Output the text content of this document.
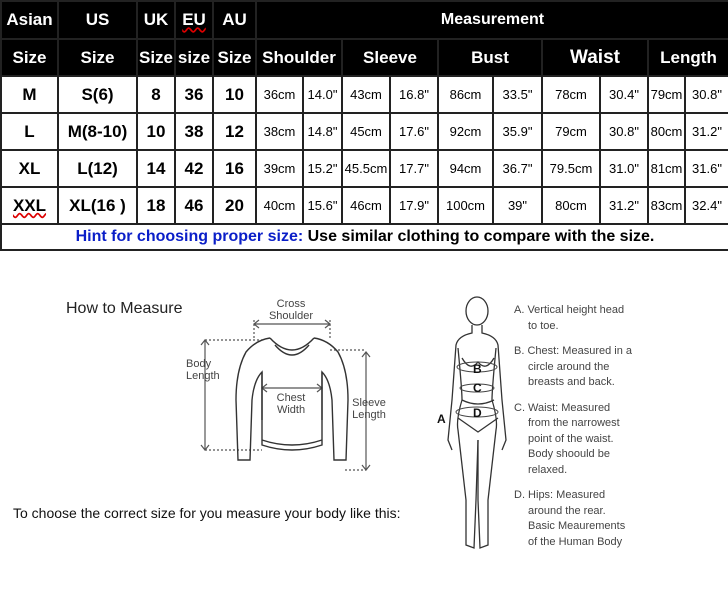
Asian	US	UK	EU	AU	Measurement									
Size	Size	Size	size	Size	Shoulder		Sleeve		Bust		Waist		Length	
M	S(6)	8	36	10	36cm	14.0"	43cm	16.8"	86cm	33.5"	78cm	30.4"	79cm	30.8"
L	M(8-10)	10	38	12	38cm	14.8"	45cm	17.6"	92cm	35.9"	79cm	30.8"	80cm	31.2"
XL	L(12)	14	42	16	39cm	15.2"	45.5cm	17.7"	94cm	36.7"	79.5cm	31.0"	81cm	31.6"
XXL	XL(16 )	18	46	20	40cm	15.6"	46cm	17.9"	100cm	39"	80cm	31.2"	83cm	32.4"
Hint for choosing proper size: Use similar clothing to compare with the size.														
How to Measure	Cross
Shoulder
Body
Length
Chest
Width
Sleeve
Length
To choose the correct size for you measure your body like this:
A
B
C
D
A. Vertical height head
to toe.
B. Chest: Measured in a
circle around the
breasts and back.
C. Waist: Measured
from the narrowest
point of the waist.
Body shoould be
relaxed.
D. Hips: Measured
around the rear.
Basic Meaurements
of the Human Body
